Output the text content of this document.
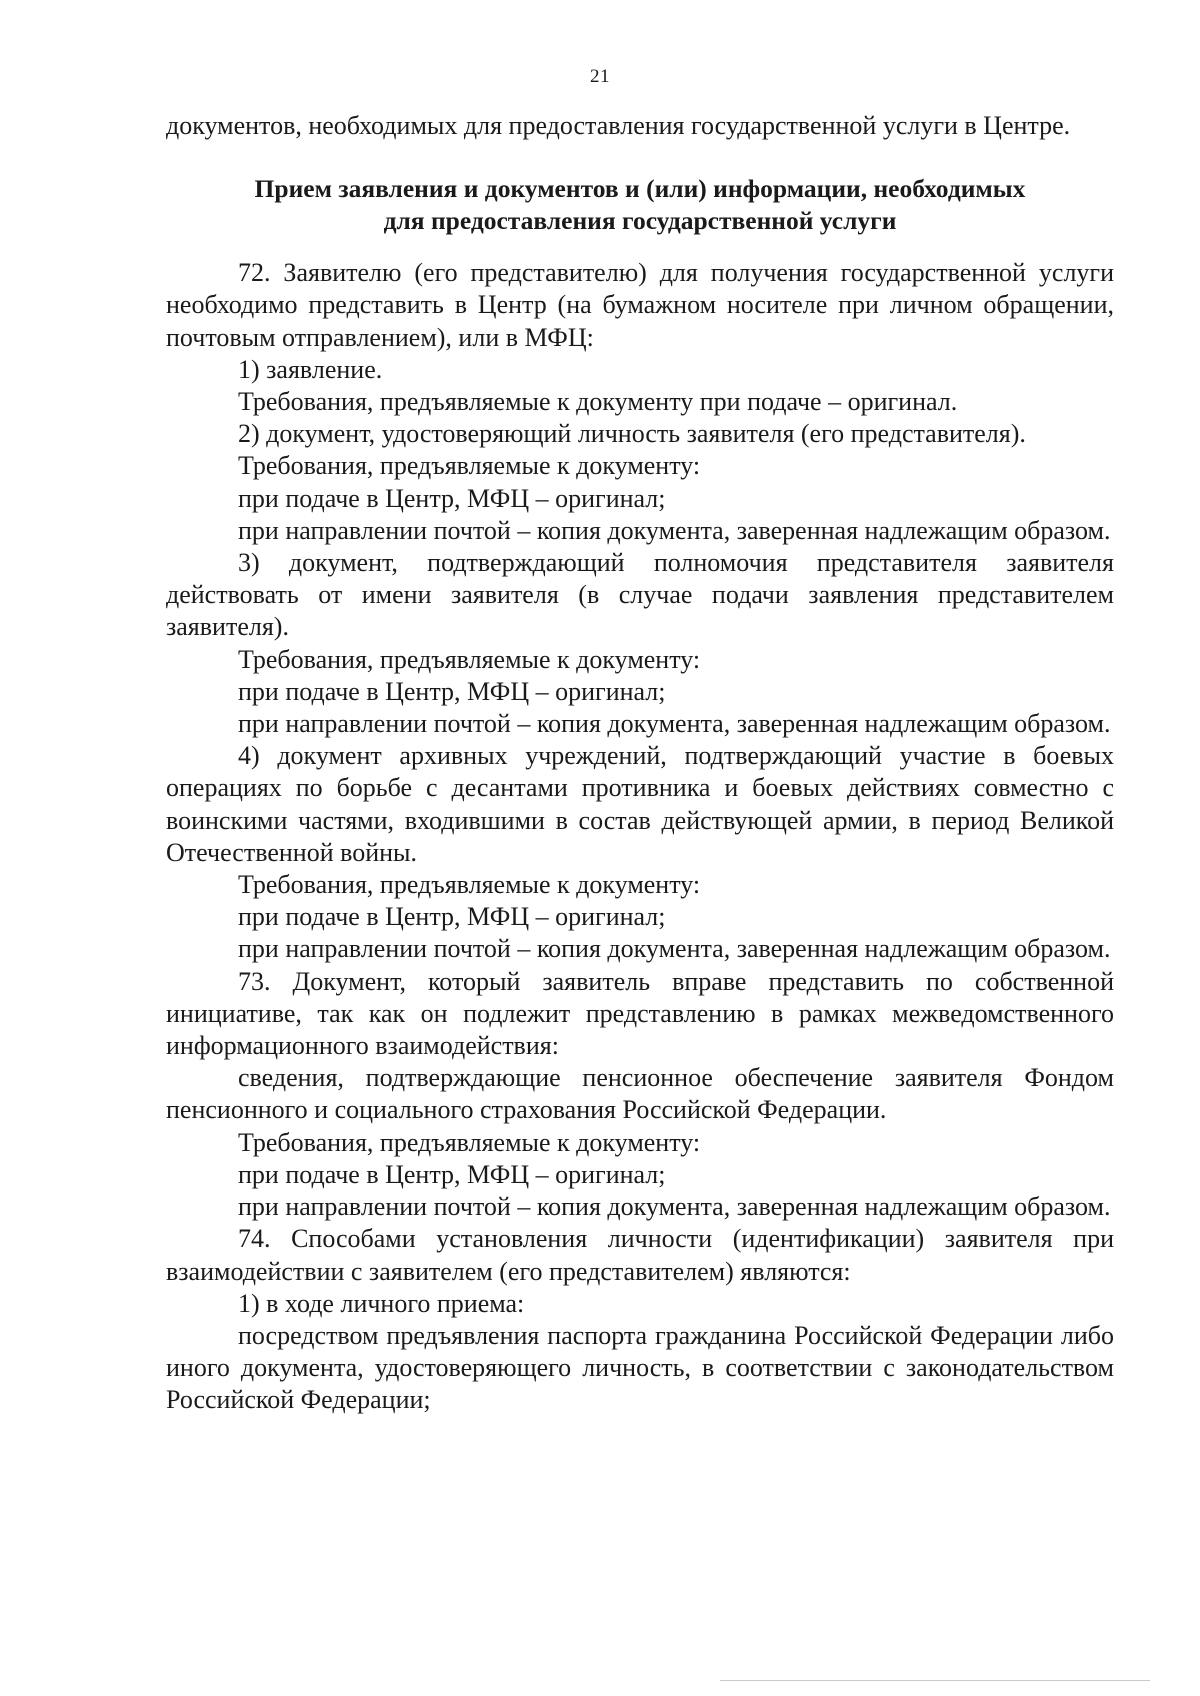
21

документов, необходимых для предоставления государственной услуги в Центре.

Прием заявления и документов и (или) информации, необходимых
для предоставления государственной услуги

72. Заявителю (его представителю) для получения государственной услуги необходимо представить в Центр (на бумажном носителе при личном обращении, почтовым отправлением), или в МФЦ:

1) заявление.

Требования, предъявляемые к документу при подаче – оригинал.

2) документ, удостоверяющий личность заявителя (его представителя).

Требования, предъявляемые к документу:

при подаче в Центр, МФЦ – оригинал;

при направлении почтой – копия документа, заверенная надлежащим образом.

3) документ, подтверждающий полномочия представителя заявителя действовать от имени заявителя (в случае подачи заявления представителем заявителя).

Требования, предъявляемые к документу:

при подаче в Центр, МФЦ – оригинал;

при направлении почтой – копия документа, заверенная надлежащим образом.

4) документ архивных учреждений, подтверждающий участие в боевых операциях по борьбе с десантами противника и боевых действиях совместно с воинскими частями, входившими в состав действующей армии, в период Великой Отечественной войны.

Требования, предъявляемые к документу:

при подаче в Центр, МФЦ – оригинал;

при направлении почтой – копия документа, заверенная надлежащим образом.

73. Документ, который заявитель вправе представить по собственной инициативе, так как он подлежит представлению в рамках межведомственного информационного взаимодействия:

сведения, подтверждающие пенсионное обеспечение заявителя Фондом пенсионного и социального страхования Российской Федерации.

Требования, предъявляемые к документу:

при подаче в Центр, МФЦ – оригинал;

при направлении почтой – копия документа, заверенная надлежащим образом.

74. Способами установления личности (идентификации) заявителя при взаимодействии с заявителем (его представителем) являются:

1) в ходе личного приема:

посредством предъявления паспорта гражданина Российской Федерации либо иного документа, удостоверяющего личность, в соответствии с законодательством Российской Федерации;
